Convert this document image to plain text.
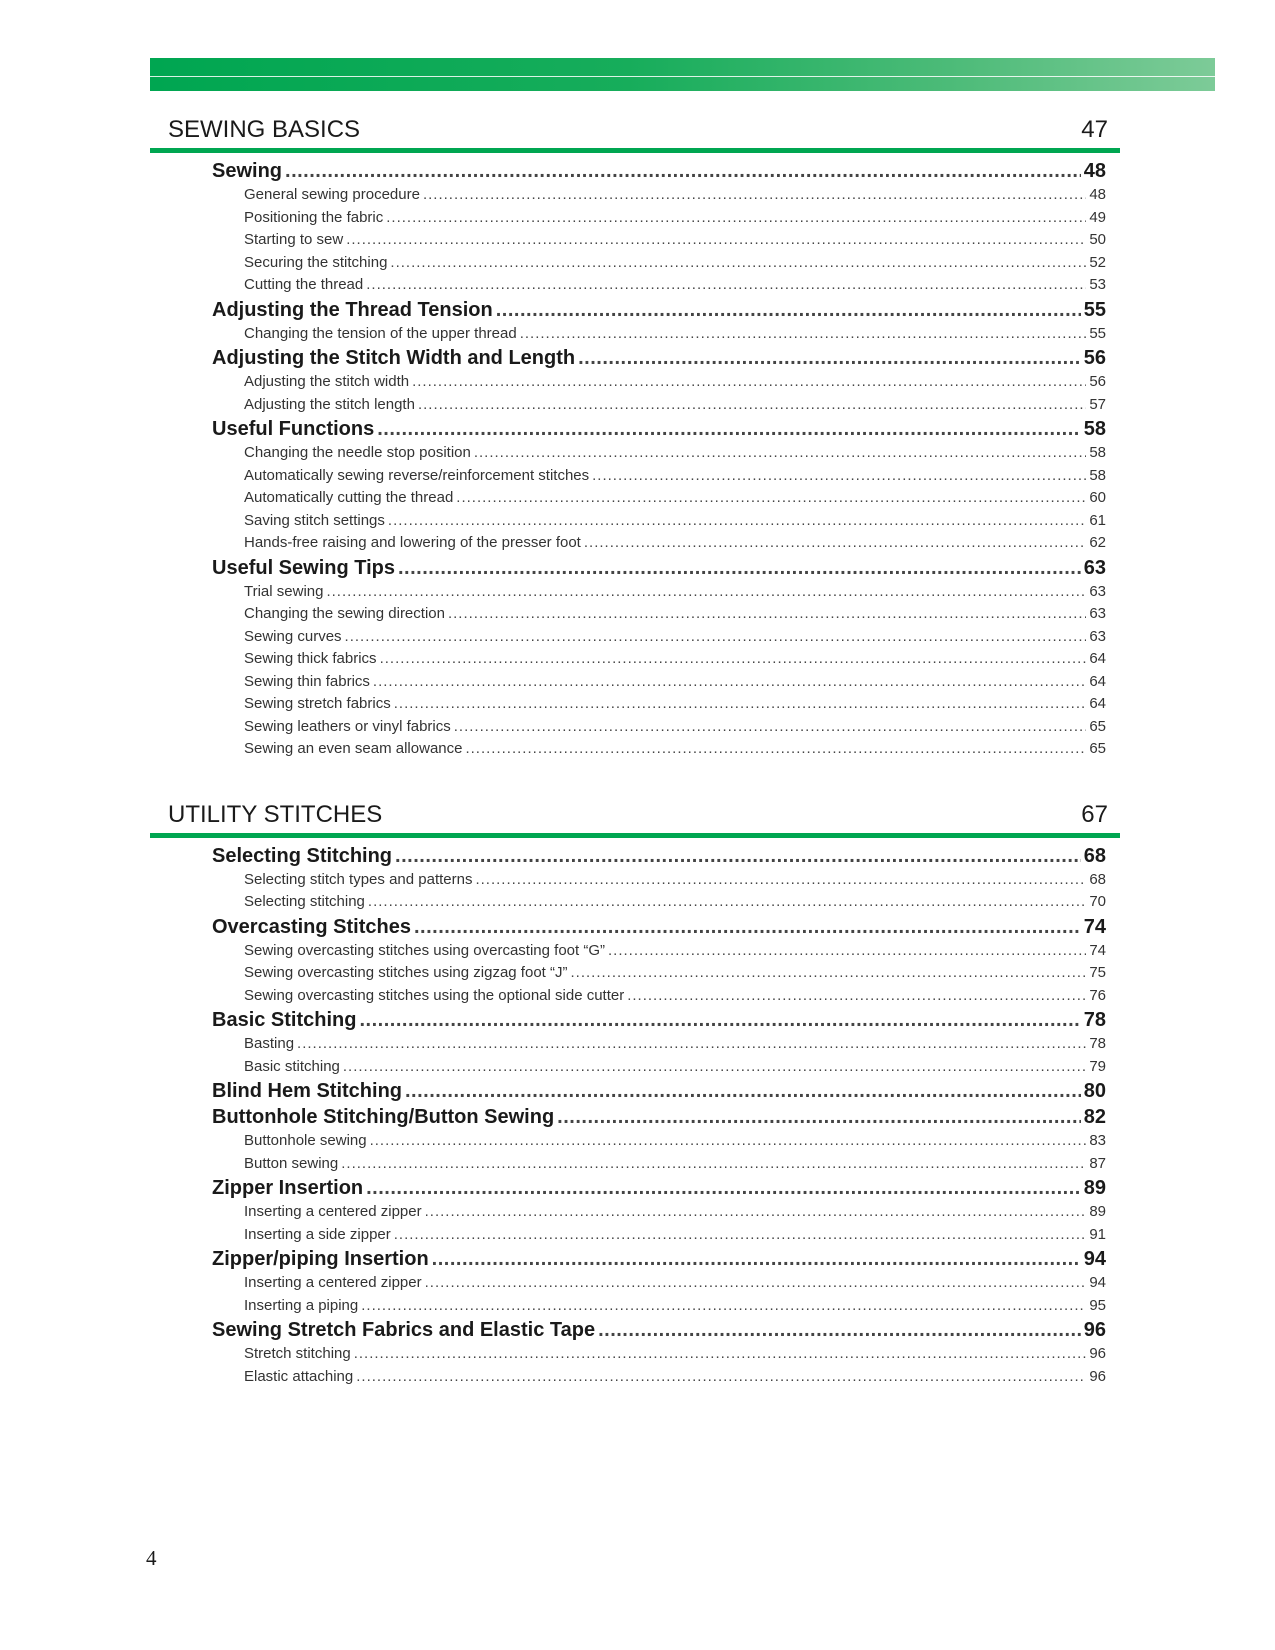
SEWING BASICS	47
Sewing .....	48
General sewing procedure .....	48
Positioning the fabric .....	49
Starting to sew .....	50
Securing the stitching .....	52
Cutting the thread .....	53
Adjusting the Thread Tension .....	55
Changing the tension of the upper thread .....	55
Adjusting the Stitch Width and Length .....	56
Adjusting the stitch width .....	56
Adjusting the stitch length .....	57
Useful Functions .....	58
Changing the needle stop position .....	58
Automatically sewing reverse/reinforcement stitches .....	58
Automatically cutting the thread .....	60
Saving stitch settings .....	61
Hands-free raising and lowering of the presser foot .....	62
Useful Sewing Tips .....	63
Trial sewing .....	63
Changing the sewing direction .....	63
Sewing curves .....	63
Sewing thick fabrics .....	64
Sewing thin fabrics .....	64
Sewing stretch fabrics .....	64
Sewing leathers or vinyl fabrics .....	65
Sewing an even seam allowance .....	65
UTILITY STITCHES	67
Selecting Stitching .....	68
Selecting stitch types and patterns .....	68
Selecting stitching .....	70
Overcasting Stitches .....	74
Sewing overcasting stitches using overcasting foot “G” .....	74
Sewing overcasting stitches using zigzag foot “J” .....	75
Sewing overcasting stitches using the optional side cutter .....	76
Basic Stitching .....	78
Basting .....	78
Basic stitching .....	79
Blind Hem Stitching .....	80
Buttonhole Stitching/Button Sewing .....	82
Buttonhole sewing .....	83
Button sewing .....	87
Zipper Insertion .....	89
Inserting a centered zipper .....	89
Inserting a side zipper .....	91
Zipper/piping Insertion .....	94
Inserting a centered zipper .....	94
Inserting a piping .....	95
Sewing Stretch Fabrics and Elastic Tape .....	96
Stretch stitching .....	96
Elastic attaching .....	96
4
